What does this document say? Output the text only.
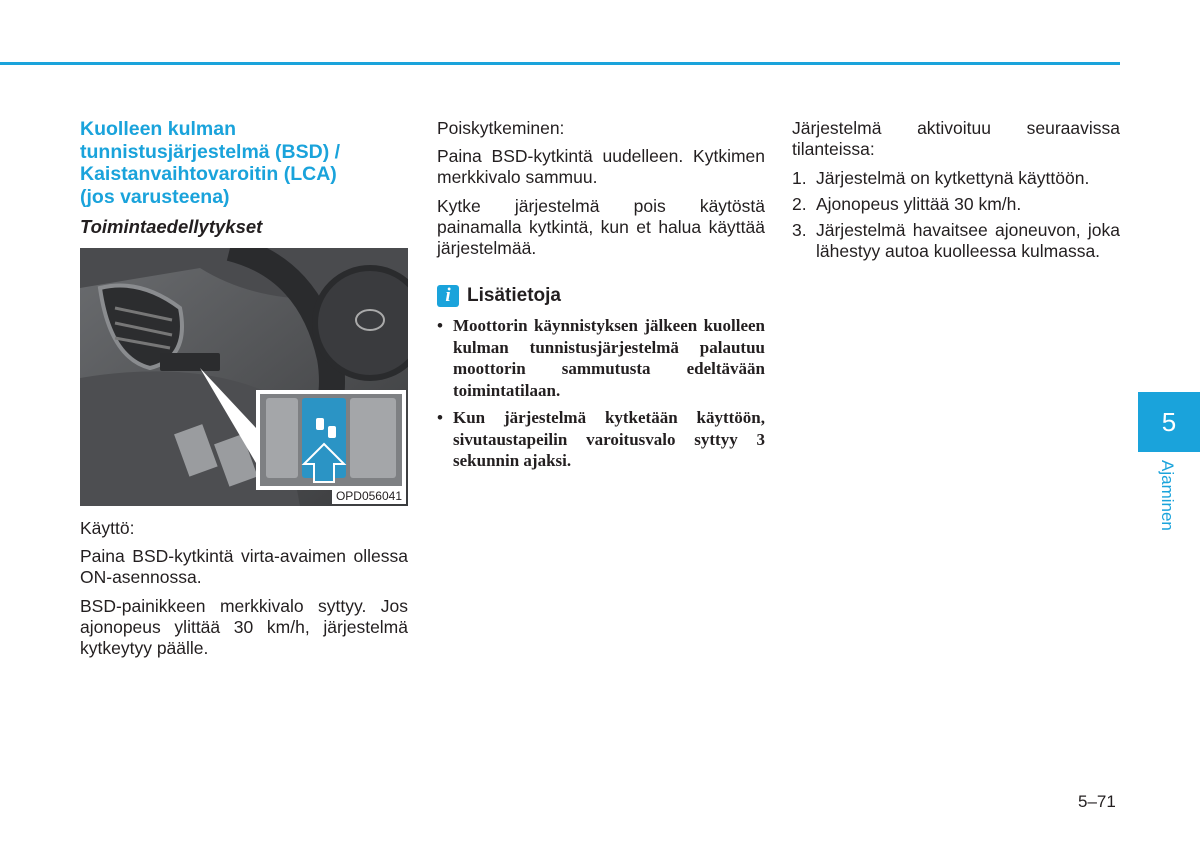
Kuolleen kulman
tunnistusjärjestelmä (BSD) /
Kaistanvaihtovaroitin (LCA)
(jos varusteena)
Toimintaedellytykset
OPD056041

Käyttö:

Paina BSD-kytkintä virta-avaimen ollessa ON-asennossa.

BSD-painikkeen merkkivalo syttyy. Jos ajonopeus ylittää 30 km/h, järjestelmä kytkeytyy päälle.

Poiskytkeminen:

Paina BSD-kytkintä uudelleen. Kytkimen merkkivalo sammuu.

Kytke järjestelmä pois käytöstä painamalla kytkintä, kun et halua käyttää järjestelmää.

i Lisätietoja
• Moottorin käynnistyksen jälkeen kuolleen kulman tunnistusjärjestelmä palautuu moottorin sammutusta edeltävään toimintatilaan.
• Kun järjestelmä kytketään käyttöön, sivutaustapeilin varoitusvalo syttyy 3 sekunnin ajaksi.

Järjestelmä aktivoituu seuraavissa tilanteissa:

1. Järjestelmä on kytkettynä käyttöön.
2. Ajonopeus ylittää 30 km/h.
3. Järjestelmä havaitsee ajoneuvon, joka lähestyy autoa kuolleessa kulmassa.
5
Ajaminen
5–71
